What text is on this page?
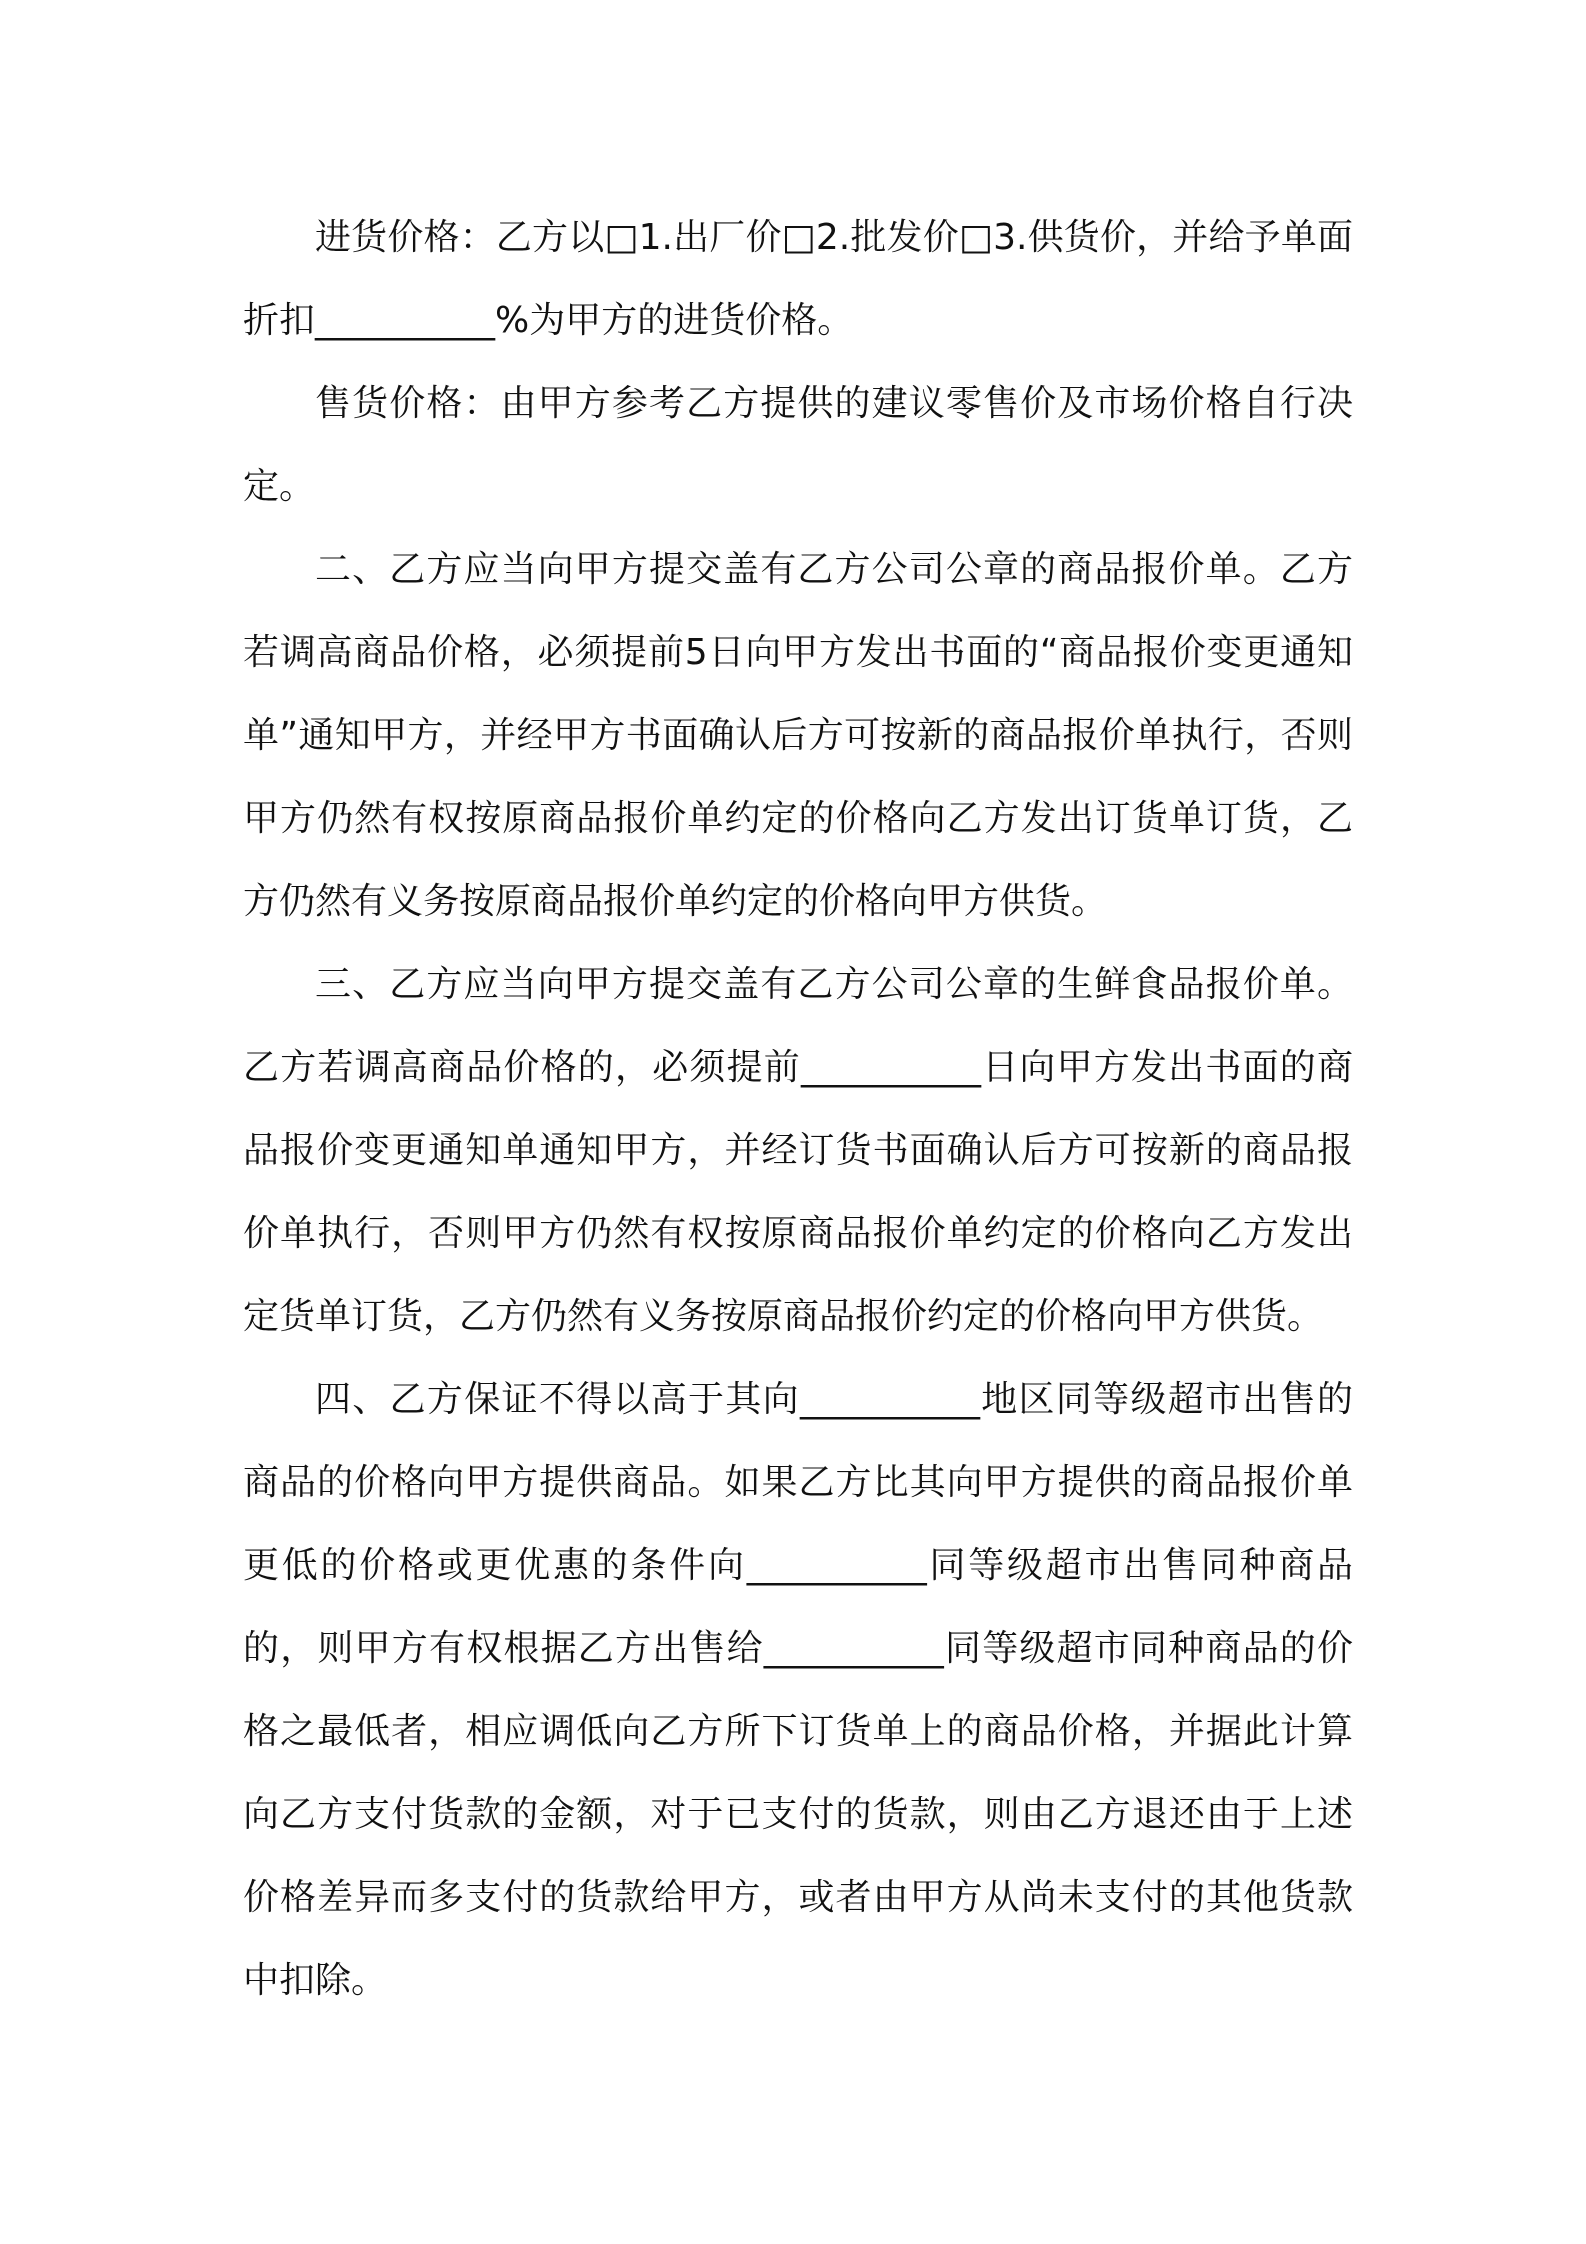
进货价格：乙方以□1.出厂价□2.批发价□3.供货价，并给予单面折扣__________%为甲方的进货价格。

售货价格：由甲方参考乙方提供的建议零售价及市场价格自行决定。

二、乙方应当向甲方提交盖有乙方公司公章的商品报价单。乙方若调高商品价格，必须提前5日向甲方发出书面的“商品报价变更通知单”通知甲方，并经甲方书面确认后方可按新的商品报价单执行，否则甲方仍然有权按原商品报价单约定的价格向乙方发出订货单订货，乙方仍然有义务按原商品报价单约定的价格向甲方供货。

三、乙方应当向甲方提交盖有乙方公司公章的生鲜食品报价单。乙方若调高商品价格的，必须提前__________日向甲方发出书面的商品报价变更通知单通知甲方，并经订货书面确认后方可按新的商品报价单执行，否则甲方仍然有权按原商品报价单约定的价格向乙方发出定货单订货，乙方仍然有义务按原商品报价约定的价格向甲方供货。

四、乙方保证不得以高于其向__________地区同等级超市出售的商品的价格向甲方提供商品。如果乙方比其向甲方提供的商品报价单更低的价格或更优惠的条件向__________同等级超市出售同种商品的，则甲方有权根据乙方出售给__________同等级超市同种商品的价格之最低者，相应调低向乙方所下订货单上的商品价格，并据此计算向乙方支付货款的金额，对于已支付的货款，则由乙方退还由于上述价格差异而多支付的货款给甲方，或者由甲方从尚未支付的其他货款中扣除。
